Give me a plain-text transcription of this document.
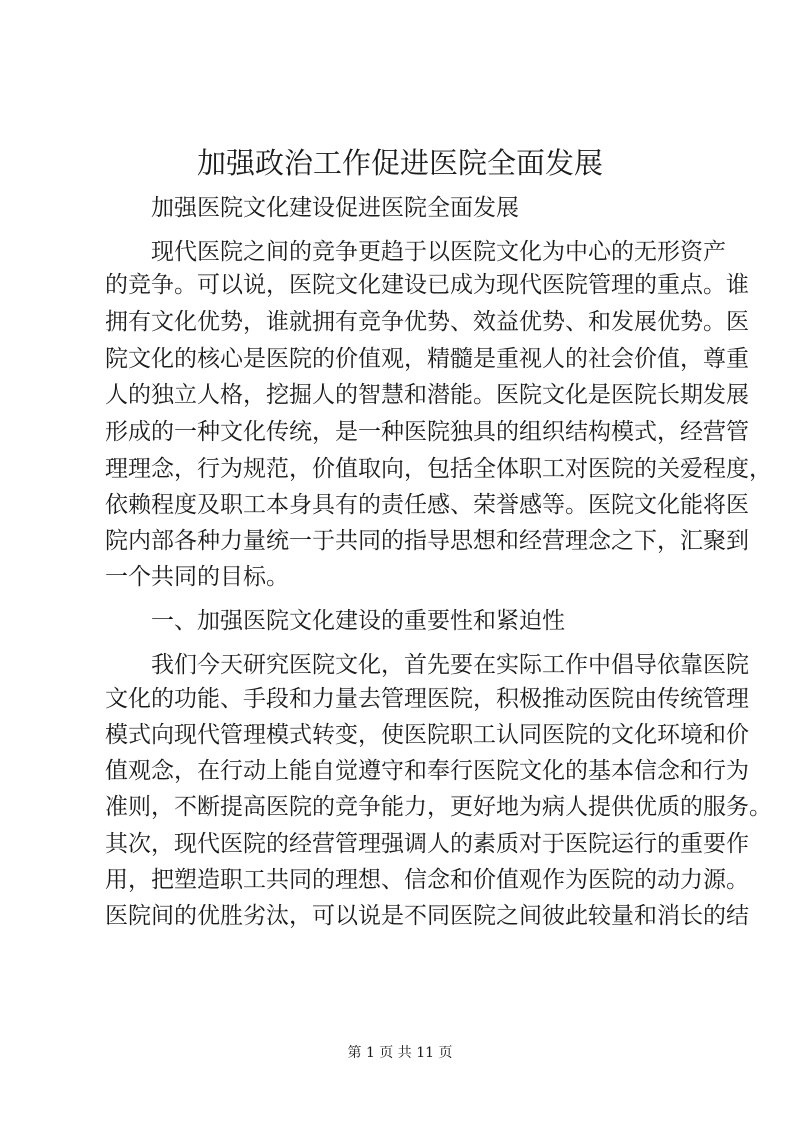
加强政治工作促进医院全面发展
加强医院文化建设促进医院全面发展
现代医院之间的竞争更趋于以医院文化为中心的无形资产
的竞争。可以说，医院文化建设已成为现代医院管理的重点。谁
拥有文化优势，谁就拥有竞争优势、效益优势、和发展优势。医
院文化的核心是医院的价值观，精髓是重视人的社会价值，尊重
人的独立人格，挖掘人的智慧和潜能。医院文化是医院长期发展
形成的一种文化传统，是一种医院独具的组织结构模式，经营管
理理念，行为规范，价值取向，包括全体职工对医院的关爱程度，
依赖程度及职工本身具有的责任感、荣誉感等。医院文化能将医
院内部各种力量统一于共同的指导思想和经营理念之下，汇聚到
一个共同的目标。
一、加强医院文化建设的重要性和紧迫性
我们今天研究医院文化，首先要在实际工作中倡导依靠医院
文化的功能、手段和力量去管理医院，积极推动医院由传统管理
模式向现代管理模式转变，使医院职工认同医院的文化环境和价
值观念，在行动上能自觉遵守和奉行医院文化的基本信念和行为
准则，不断提高医院的竞争能力，更好地为病人提供优质的服务。
其次，现代医院的经营管理强调人的素质对于医院运行的重要作
用，把塑造职工共同的理想、信念和价值观作为医院的动力源。
医院间的优胜劣汰，可以说是不同医院之间彼此较量和消长的结
第 1 页 共 11 页
